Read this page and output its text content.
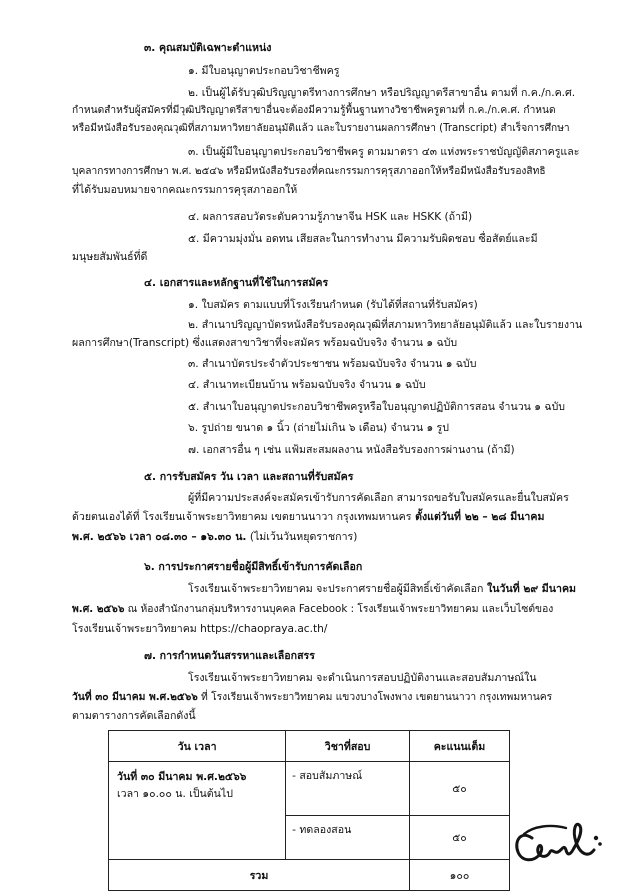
๓. คุณสมบัติเฉพาะตำแหน่ง
๑. มีใบอนุญาตประกอบวิชาชีพครู
๒. เป็นผู้ได้รับวุฒิปริญญาตรีทางการศึกษา หรือปริญญาตรีสาขาอื่น ตามที่ ก.ค./ก.ค.ศ.
กำหนดสำหรับผู้สมัครที่มีวุฒิปริญญาตรีสาขาอื่นจะต้องมีความรู้พื้นฐานทางวิชาชีพครูตามที่ ก.ค./ก.ค.ศ. กำหนด
หรือมีหนังสือรับรองคุณวุฒิที่สภามหาวิทยาลัยอนุมัติแล้ว และใบรายงานผลการศึกษา (Transcript) สำเร็จการศึกษา
๓. เป็นผู้มีใบอนุญาตประกอบวิชาชีพครู ตามมาตรา ๔๓ แห่งพระราชบัญญัติสภาครูและ
บุคลากรทางการศึกษา พ.ศ. ๒๕๔๖ หรือมีหนังสือรับรองที่คณะกรรมการคุรุสภาออกให้หรือมีหนังสือรับรองสิทธิ
ที่ได้รับมอบหมายจากคณะกรรมการคุรุสภาออกให้
๔. ผลการสอบวัดระดับความรู้ภาษาจีน HSK และ HSKK (ถ้ามี)
๕. มีความมุ่งมั่น อดทน เสียสละในการทำงาน มีความรับผิดชอบ ซื่อสัตย์และมี
มนุษยสัมพันธ์ที่ดี
๔. เอกสารและหลักฐานที่ใช้ในการสมัคร
๑. ใบสมัคร ตามแบบที่โรงเรียนกำหนด (รับได้ที่สถานที่รับสมัคร)
๒. สำเนาปริญญาบัตรหนังสือรับรองคุณวุฒิที่สภามหาวิทยาลัยอนุมัติแล้ว และใบรายงาน
ผลการศึกษา(Transcript) ซึ่งแสดงสาขาวิชาที่จะสมัคร พร้อมฉบับจริง จำนวน ๑ ฉบับ
๓. สำเนาบัตรประจำตัวประชาชน พร้อมฉบับจริง จำนวน ๑ ฉบับ
๔. สำเนาทะเบียนบ้าน พร้อมฉบับจริง จำนวน ๑ ฉบับ
๕. สำเนาใบอนุญาตประกอบวิชาชีพครูหรือใบอนุญาตปฏิบัติการสอน จำนวน ๑ ฉบับ
๖. รูปถ่าย ขนาด ๑ นิ้ว (ถ่ายไม่เกิน ๖ เดือน) จำนวน ๑ รูป
๗. เอกสารอื่น ๆ เช่น แฟ้มสะสมผลงาน หนังสือรับรองการผ่านงาน (ถ้ามี)
๕. การรับสมัคร วัน เวลา และสถานที่รับสมัคร
ผู้ที่มีความประสงค์จะสมัครเข้ารับการคัดเลือก สามารถขอรับใบสมัครและยื่นใบสมัคร
ด้วยตนเองได้ที่ โรงเรียนเจ้าพระยาวิทยาคม เขตยานนาวา กรุงเทพมหานคร ตั้งแต่วันที่ ๒๒ – ๒๘ มีนาคม
พ.ศ. ๒๕๖๖ เวลา ๐๘.๓๐ – ๑๖.๓๐ น. (ไม่เว้นวันหยุดราชการ)
๖. การประกาศรายชื่อผู้มีสิทธิ์เข้ารับการคัดเลือก
โรงเรียนเจ้าพระยาวิทยาคม จะประกาศรายชื่อผู้มีสิทธิ์เข้าคัดเลือก ในวันที่ ๒๙ มีนาคม
พ.ศ. ๒๕๖๖ ณ ห้องสำนักงานกลุ่มบริหารงานบุคคล Facebook : โรงเรียนเจ้าพระยาวิทยาคม และเว็บไซต์ของ
โรงเรียนเจ้าพระยาวิทยาคม https://chaopraya.ac.th/
๗. การกำหนดวันสรรหาและเลือกสรร
โรงเรียนเจ้าพระยาวิทยาคม จะดำเนินการสอบปฏิบัติงานและสอบสัมภาษณ์ใน
วันที่ ๓๐ มีนาคม พ.ศ.๒๕๖๖ ที่ โรงเรียนเจ้าพระยาวิทยาคม แขวงบางโพงพาง เขตยานนาวา กรุงเทพมหานคร
ตามตารางการคัดเลือกดังนี้
วัน เวลา	วิชาที่สอบ	คะแนนเต็ม

วันที่ ๓๐ มีนาคม พ.ศ.๒๕๖๖
เวลา ๑๐.๐๐ น. เป็นต้นไป	- สอบสัมภาษณ์	๕๐
	- ทดลองสอน	๕๐
รวม		๑๐๐
